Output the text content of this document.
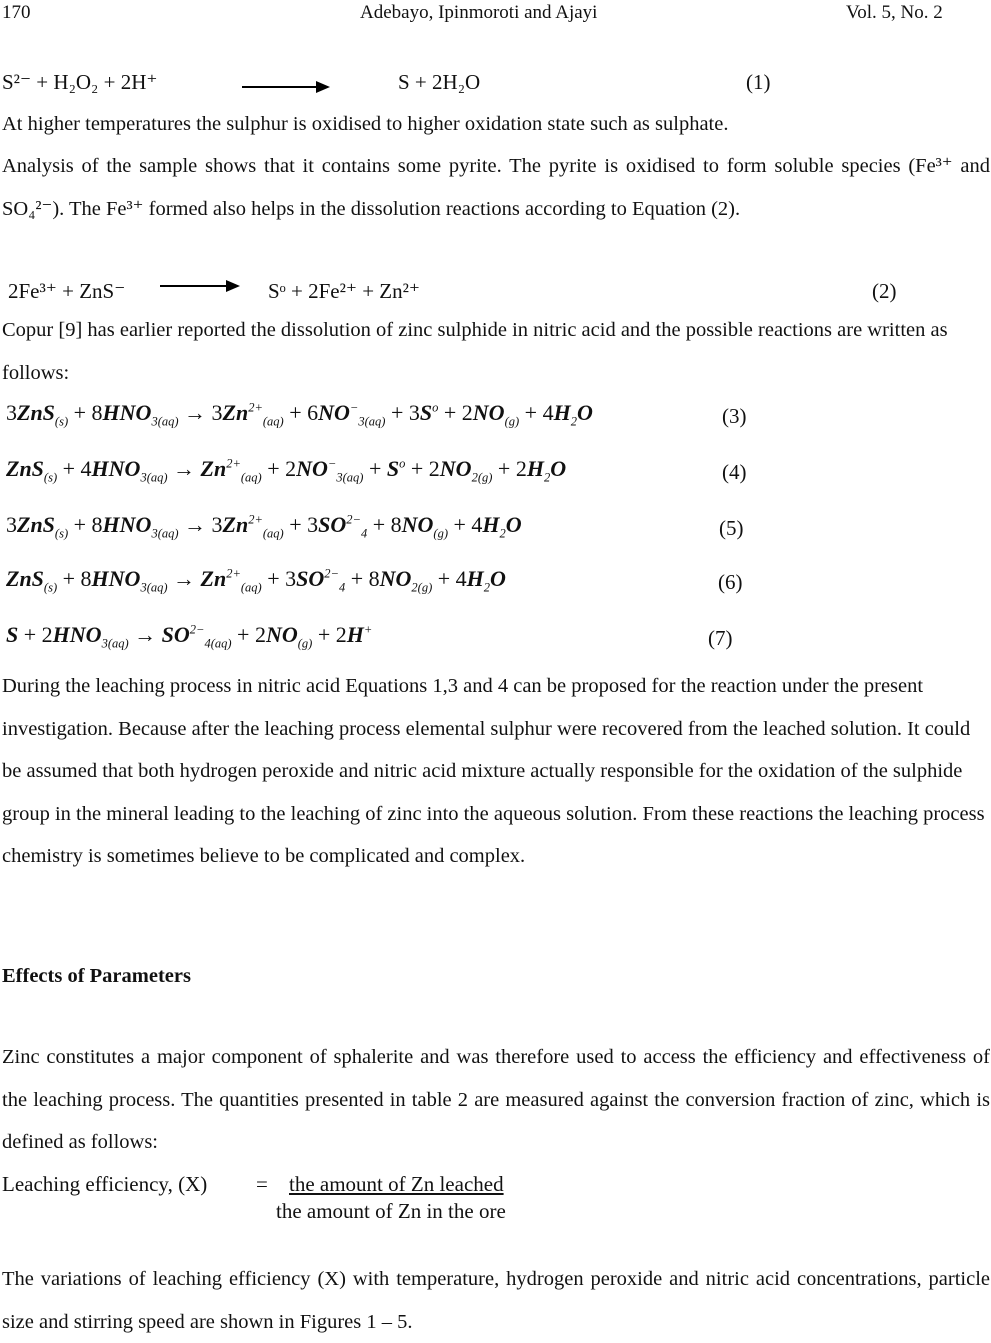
170	Adebayo, Ipinmoroti and Ajayi	Vol. 5, No. 2
S²⁻ + H₂O₂ + 2H⁺	S + 2H₂O	(1)

At higher temperatures the sulphur is oxidised to higher oxidation state such as sulphate.

Analysis of the sample shows that it contains some pyrite. The pyrite is oxidised to form soluble species (Fe³⁺ and SO₄²⁻). The Fe³⁺ formed also helps in the dissolution reactions according to Equation (2).

2Fe³⁺ + ZnS⁻	Sᵒ + 2Fe²⁺ + Zn²⁺	(2)

Copur [9] has earlier reported the dissolution of zinc sulphide in nitric acid and the possible reactions are written as follows:

$3ZnS_{(s)} + 8HNO_{3(aq)} \to 3Zn^{2+}_{(aq)} + 6NO^-_{3(aq)} + 3S^o + 2NO_{(g)} + 4H_2O$	(3)
$ZnS_{(s)} + 4HNO_{3(aq)} \to Zn^{2+}_{(aq)} + 2NO^-_{3(aq)} + S^o + 2NO_{2(g)} + 2H_2O$	(4)
$3ZnS_{(s)} + 8HNO_{3(aq)} \to 3Zn^{2+}_{(aq)} + 3SO^{2-}_4 + 8NO_{(g)} + 4H_2O$	(5)
$ZnS_{(s)} + 8HNO_{3(aq)} \to Zn^{2+}_{(aq)} + 3SO^{2-}_4 + 8NO_{2(g)} + 4H_2O$	(6)
$S + 2HNO_{3(aq)} \to SO^{2-}_{4(aq)} + 2NO_{(g)} + 2H^+$	(7)

During the leaching process in nitric acid Equations 1,3 and 4 can be proposed for the reaction under the present investigation. Because after the leaching process elemental sulphur were recovered from the leached solution. It could be assumed that both hydrogen peroxide and nitric acid mixture actually responsible for the oxidation of the sulphide group in the mineral leading to the leaching of zinc into the aqueous solution. From these reactions the leaching process chemistry is sometimes believe to be complicated and complex.

Effects of Parameters

Zinc constitutes a major component of sphalerite and was therefore used to access the efficiency and effectiveness of the leaching process. The quantities presented in table 2 are measured against the conversion fraction of zinc, which is defined as follows:

Leaching efficiency, (X) = the amount of Zn leached
the amount of Zn in the ore

The variations of leaching efficiency (X) with temperature, hydrogen peroxide and nitric acid concentrations, particle size and stirring speed are shown in Figures 1 – 5.
